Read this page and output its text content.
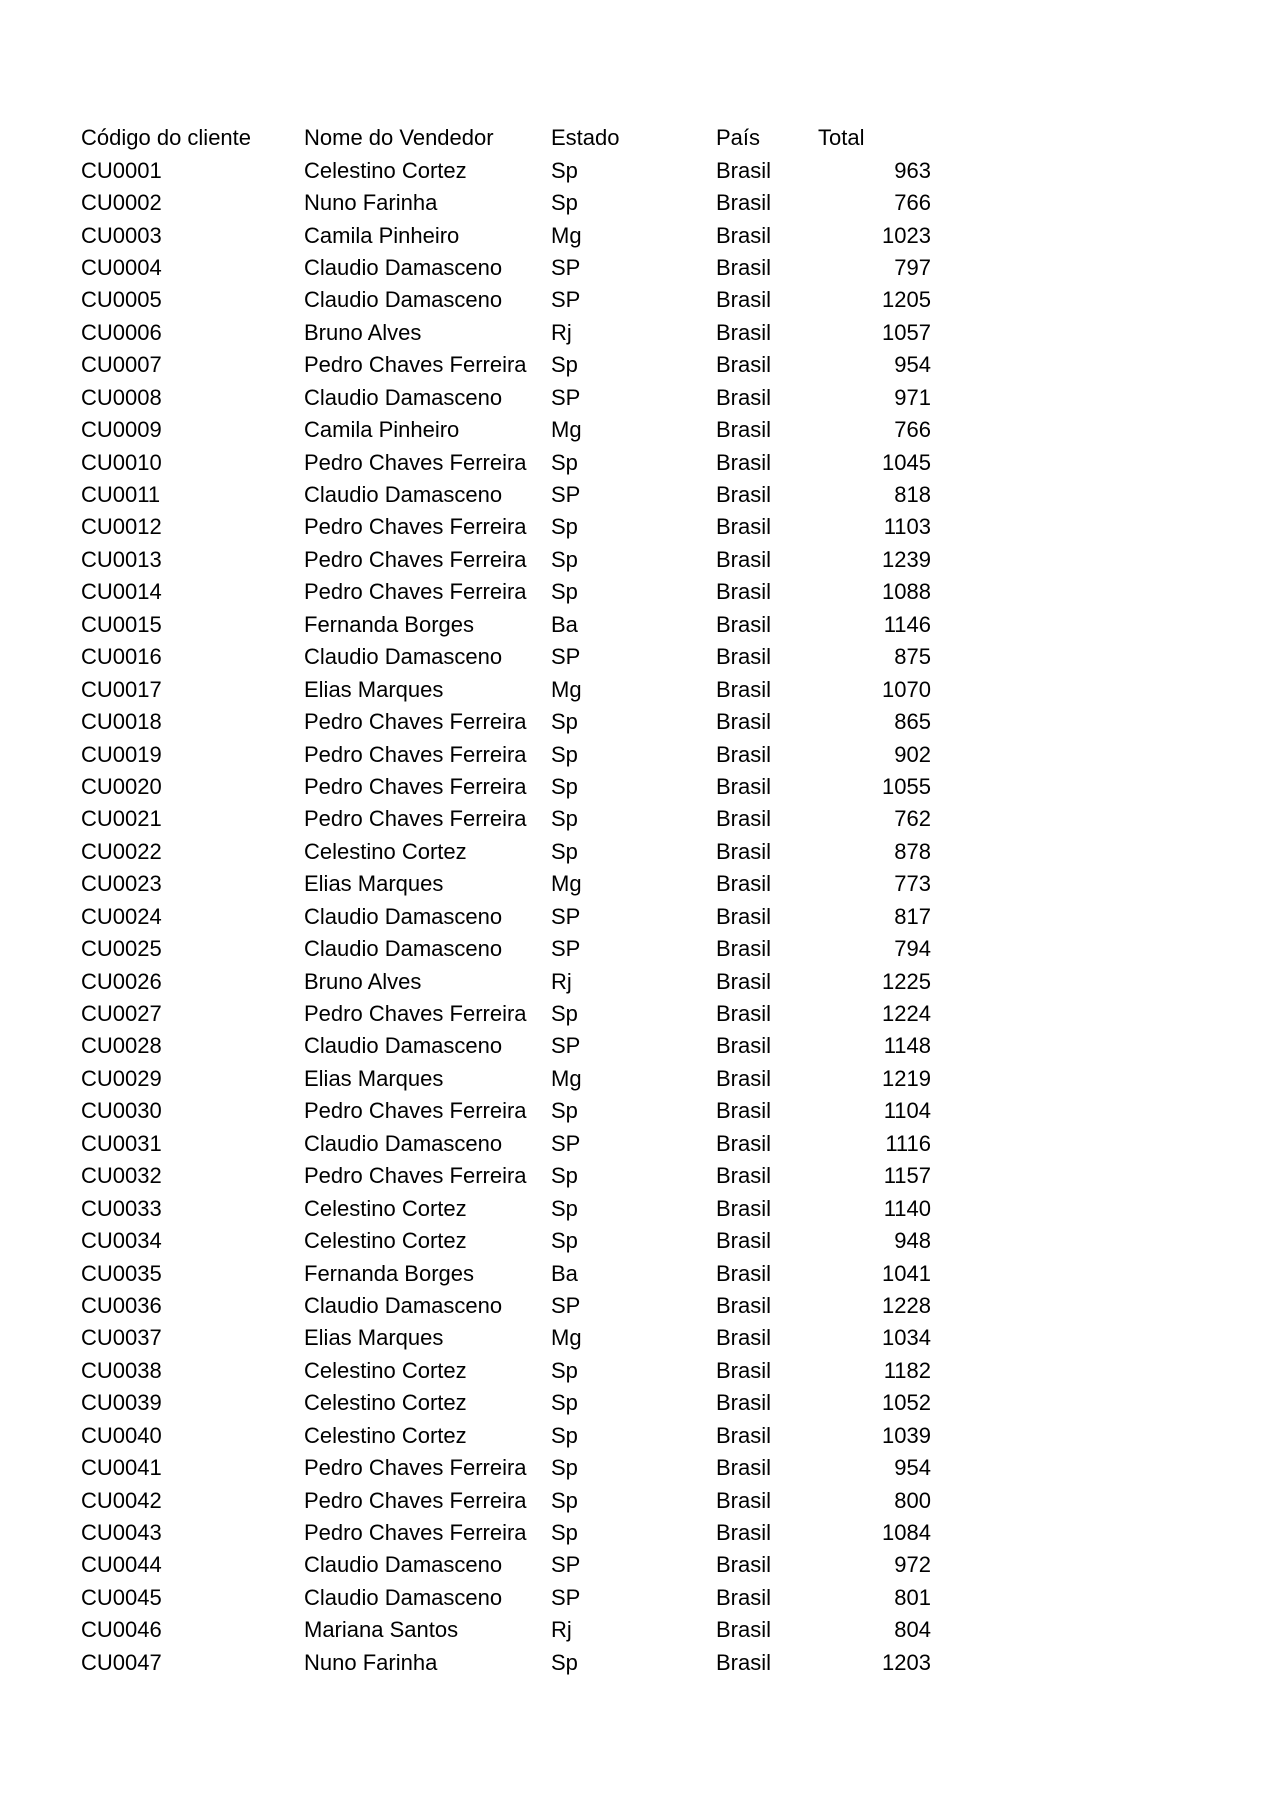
Código do cliente	Nome do Vendedor	Estado	País	Total
CU0001	Celestino Cortez	Sp	Brasil	963
CU0002	Nuno Farinha	Sp	Brasil	766
CU0003	Camila Pinheiro	Mg	Brasil	1023
CU0004	Claudio Damasceno	SP	Brasil	797
CU0005	Claudio Damasceno	SP	Brasil	1205
CU0006	Bruno Alves	Rj	Brasil	1057
CU0007	Pedro Chaves Ferreira	Sp	Brasil	954
CU0008	Claudio Damasceno	SP	Brasil	971
CU0009	Camila Pinheiro	Mg	Brasil	766
CU0010	Pedro Chaves Ferreira	Sp	Brasil	1045
CU0011	Claudio Damasceno	SP	Brasil	818
CU0012	Pedro Chaves Ferreira	Sp	Brasil	1103
CU0013	Pedro Chaves Ferreira	Sp	Brasil	1239
CU0014	Pedro Chaves Ferreira	Sp	Brasil	1088
CU0015	Fernanda Borges	Ba	Brasil	1146
CU0016	Claudio Damasceno	SP	Brasil	875
CU0017	Elias Marques	Mg	Brasil	1070
CU0018	Pedro Chaves Ferreira	Sp	Brasil	865
CU0019	Pedro Chaves Ferreira	Sp	Brasil	902
CU0020	Pedro Chaves Ferreira	Sp	Brasil	1055
CU0021	Pedro Chaves Ferreira	Sp	Brasil	762
CU0022	Celestino Cortez	Sp	Brasil	878
CU0023	Elias Marques	Mg	Brasil	773
CU0024	Claudio Damasceno	SP	Brasil	817
CU0025	Claudio Damasceno	SP	Brasil	794
CU0026	Bruno Alves	Rj	Brasil	1225
CU0027	Pedro Chaves Ferreira	Sp	Brasil	1224
CU0028	Claudio Damasceno	SP	Brasil	1148
CU0029	Elias Marques	Mg	Brasil	1219
CU0030	Pedro Chaves Ferreira	Sp	Brasil	1104
CU0031	Claudio Damasceno	SP	Brasil	1116
CU0032	Pedro Chaves Ferreira	Sp	Brasil	1157
CU0033	Celestino Cortez	Sp	Brasil	1140
CU0034	Celestino Cortez	Sp	Brasil	948
CU0035	Fernanda Borges	Ba	Brasil	1041
CU0036	Claudio Damasceno	SP	Brasil	1228
CU0037	Elias Marques	Mg	Brasil	1034
CU0038	Celestino Cortez	Sp	Brasil	1182
CU0039	Celestino Cortez	Sp	Brasil	1052
CU0040	Celestino Cortez	Sp	Brasil	1039
CU0041	Pedro Chaves Ferreira	Sp	Brasil	954
CU0042	Pedro Chaves Ferreira	Sp	Brasil	800
CU0043	Pedro Chaves Ferreira	Sp	Brasil	1084
CU0044	Claudio Damasceno	SP	Brasil	972
CU0045	Claudio Damasceno	SP	Brasil	801
CU0046	Mariana Santos	Rj	Brasil	804
CU0047	Nuno Farinha	Sp	Brasil	1203
